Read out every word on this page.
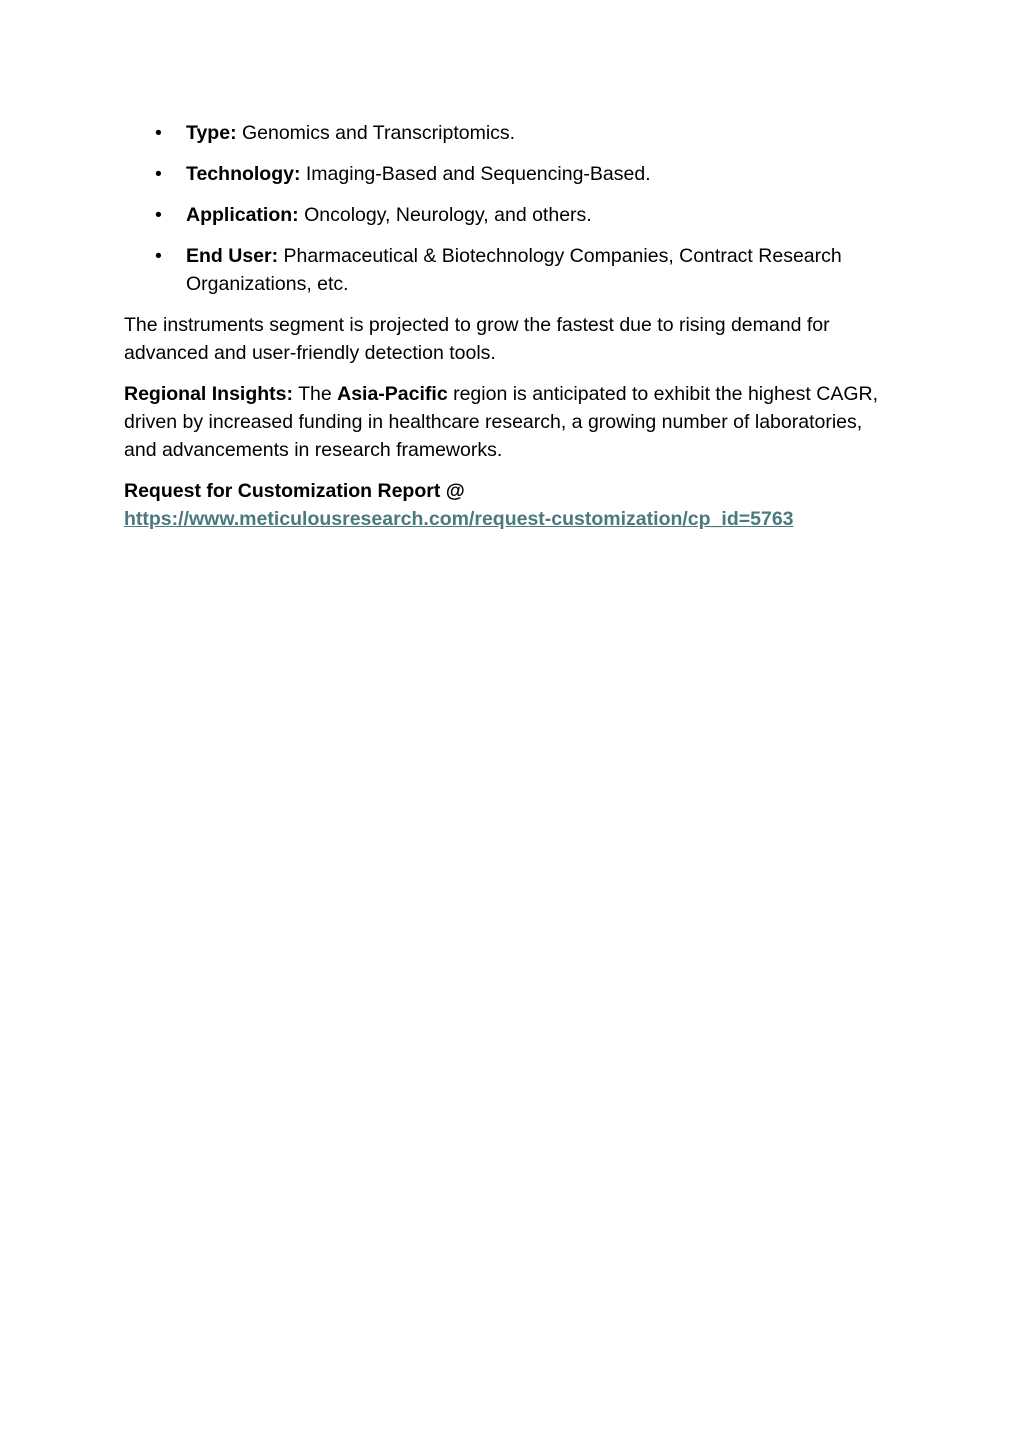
• Type: Genomics and Transcriptomics.
• Technology: Imaging-Based and Sequencing-Based.
• Application: Oncology, Neurology, and others.
• End User: Pharmaceutical & Biotechnology Companies, Contract Research Organizations, etc.

The instruments segment is projected to grow the fastest due to rising demand for advanced and user-friendly detection tools.

Regional Insights: The Asia-Pacific region is anticipated to exhibit the highest CAGR, driven by increased funding in healthcare research, a growing number of laboratories, and advancements in research frameworks.

Request for Customization Report @
https://www.meticulousresearch.com/request-customization/cp_id=5763
